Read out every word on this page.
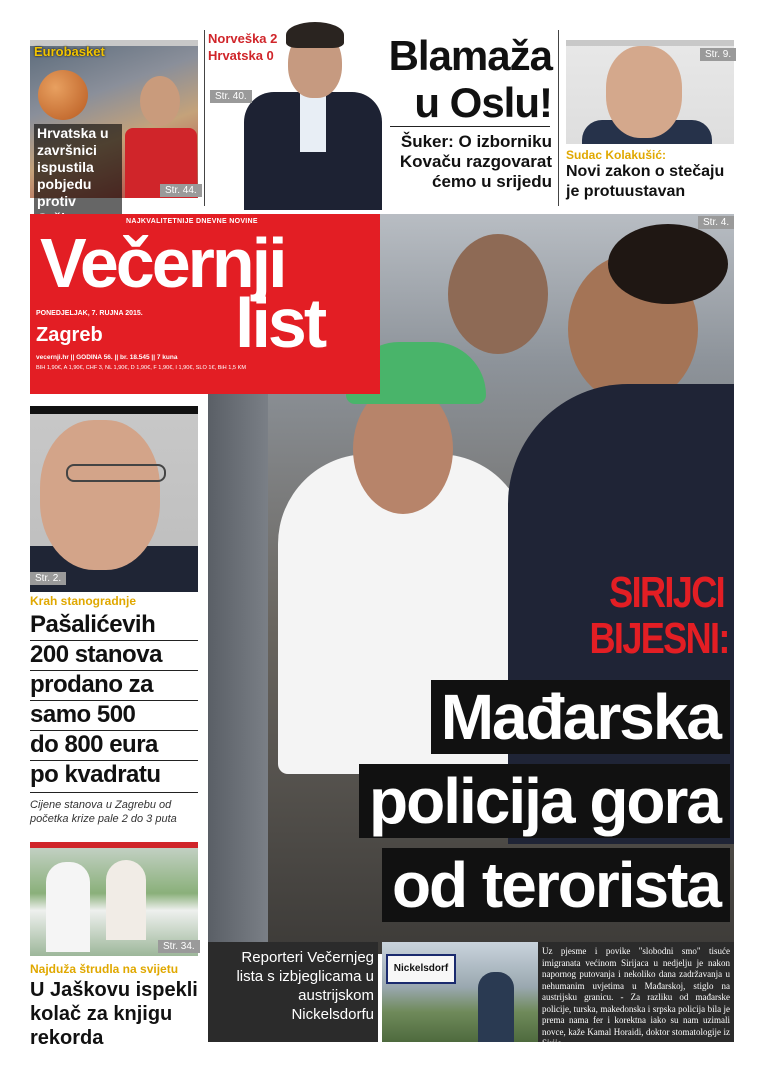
Eurobasket
Hrvatska u završnici ispustila pobjedu protiv
Str. 44.
Norveška 2
Hrvatska 0
Str. 40.
Blamaža
u Oslu!
Šuker: O izborniku Kovaču razgovarat ćemo u srijedu
Str. 9.
Sudac Kolakušić:
Novi zakon o stečaju je protuustavan
Str. 4.
NAJKVALITETNIJE DNEVNE NOVINE
Večernji
list
PONEDJELJAK, 7. RUJNA 2015.
Zagreb
vecernji.hr || GODINA 56. || br. 18.545 || 7 kuna
BIH 1,90€, A 1,90€, CHF 3, NL 1,90€, D 1,90€, F 1,90€, I 1,90€, SLO 1€, BiH 1,5 KM
SIRIJCI
BIJESNI:
Mađarska
policija gora
od terorista
Reporteri Večernjeg lista s izbjeglicama u austrijskom Nickelsdorfu
Nickelsdorf
Uz pjesme i povike "slobodni smo" tisuće imigranata većinom Sirijaca u nedjelju je nakon napornog putovanja i nekoliko dana zadržavanja u nehumanim uvjetima u Mađarskoj, stiglo na austrijsku granicu. - Za razliku od mađarske policije, turska, makedonska i srpska policija bila je prema nama fer i korektna iako su nam uzimali novce, kaže Kamal Horaidi, doktor stomatologije iz Sirije.
Str. 2.
Krah stanogradnje
Pašalićevih
200 stanova
prodano za
samo 500
do 800 eura
po kvadratu
Cijene stanova u Zagrebu od početka krize pale 2 do 3 puta
Str. 34.
Najduža štrudla na svijetu
U Jaškovu ispekli kolač za knjigu rekorda
